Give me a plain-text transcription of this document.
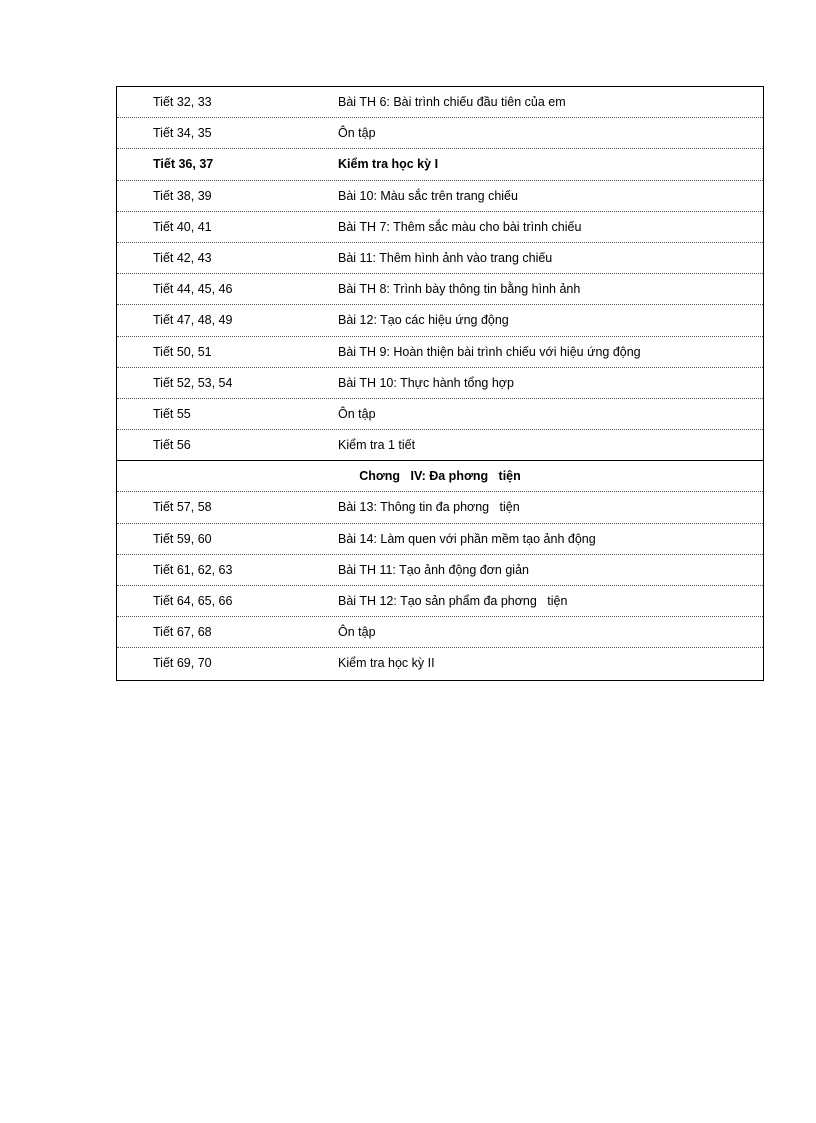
Tiết 32, 33	Bài TH 6: Bài trình chiếu đầu tiên của em
Tiết 34, 35	Ôn tập
Tiết 36, 37	Kiểm tra học kỳ I
Tiết 38, 39	Bài 10: Màu sắc trên trang chiếu
Tiết 40, 41	Bài TH 7: Thêm sắc màu cho bài trình chiếu
Tiết 42, 43	Bài 11: Thêm hình ảnh vào trang chiếu
Tiết 44, 45, 46	Bài TH 8: Trình bày thông tin bằng hình ảnh
Tiết 47, 48, 49	Bài 12: Tạo các hiệu ứng động
Tiết 50, 51	Bài TH 9: Hoàn thiện bài trình chiếu với hiệu ứng động
Tiết 52, 53, 54	Bài TH 10: Thực hành tổng hợp
Tiết 55	Ôn tập
Tiết 56	Kiểm tra 1 tiết
Chơng   IV: Đa phơng   tiện
Tiết 57, 58	Bài 13: Thông tin đa phơng   tiện
Tiết 59, 60	Bài 14: Làm quen với phần mềm tạo ảnh động
Tiết 61, 62, 63	Bài TH 11: Tạo ảnh động đơn giản
Tiết 64, 65, 66	Bài TH 12: Tạo sản phẩm đa phơng   tiện
Tiết 67, 68	Ôn tập
Tiết 69, 70	Kiểm tra học kỳ II
